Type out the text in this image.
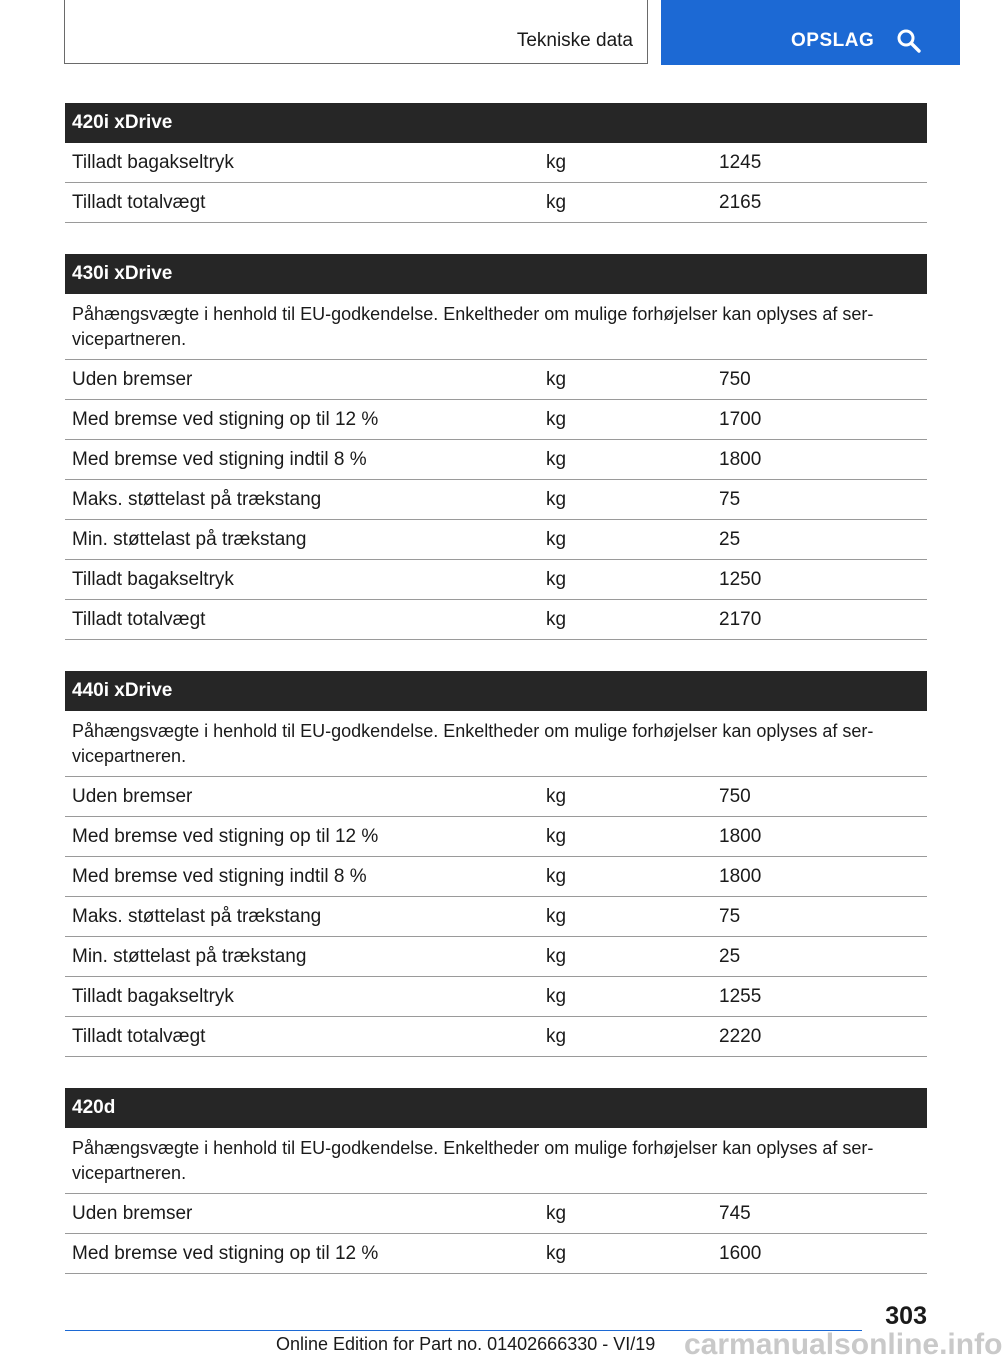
Tekniske data	OPSLAG
420i xDrive
Tilladt bagakseltryk	kg	1245
Tilladt totalvægt	kg	2165
430i xDrive
Påhængsvægte i henhold til EU-godkendelse. Enkeltheder om mulige forhøjelser kan oplyses af ser-vicepartneren.
Uden bremser	kg	750
Med bremse ved stigning op til 12 %	kg	1700
Med bremse ved stigning indtil 8 %	kg	1800
Maks. støttelast på trækstang	kg	75
Min. støttelast på trækstang	kg	25
Tilladt bagakseltryk	kg	1250
Tilladt totalvægt	kg	2170
440i xDrive
Påhængsvægte i henhold til EU-godkendelse. Enkeltheder om mulige forhøjelser kan oplyses af ser-vicepartneren.
Uden bremser	kg	750
Med bremse ved stigning op til 12 %	kg	1800
Med bremse ved stigning indtil 8 %	kg	1800
Maks. støttelast på trækstang	kg	75
Min. støttelast på trækstang	kg	25
Tilladt bagakseltryk	kg	1255
Tilladt totalvægt	kg	2220
420d
Påhængsvægte i henhold til EU-godkendelse. Enkeltheder om mulige forhøjelser kan oplyses af ser-vicepartneren.
Uden bremser	kg	745
Med bremse ved stigning op til 12 %	kg	1600
303
Online Edition for Part no. 01402666330 - VI/19 carmanualsonline.info
